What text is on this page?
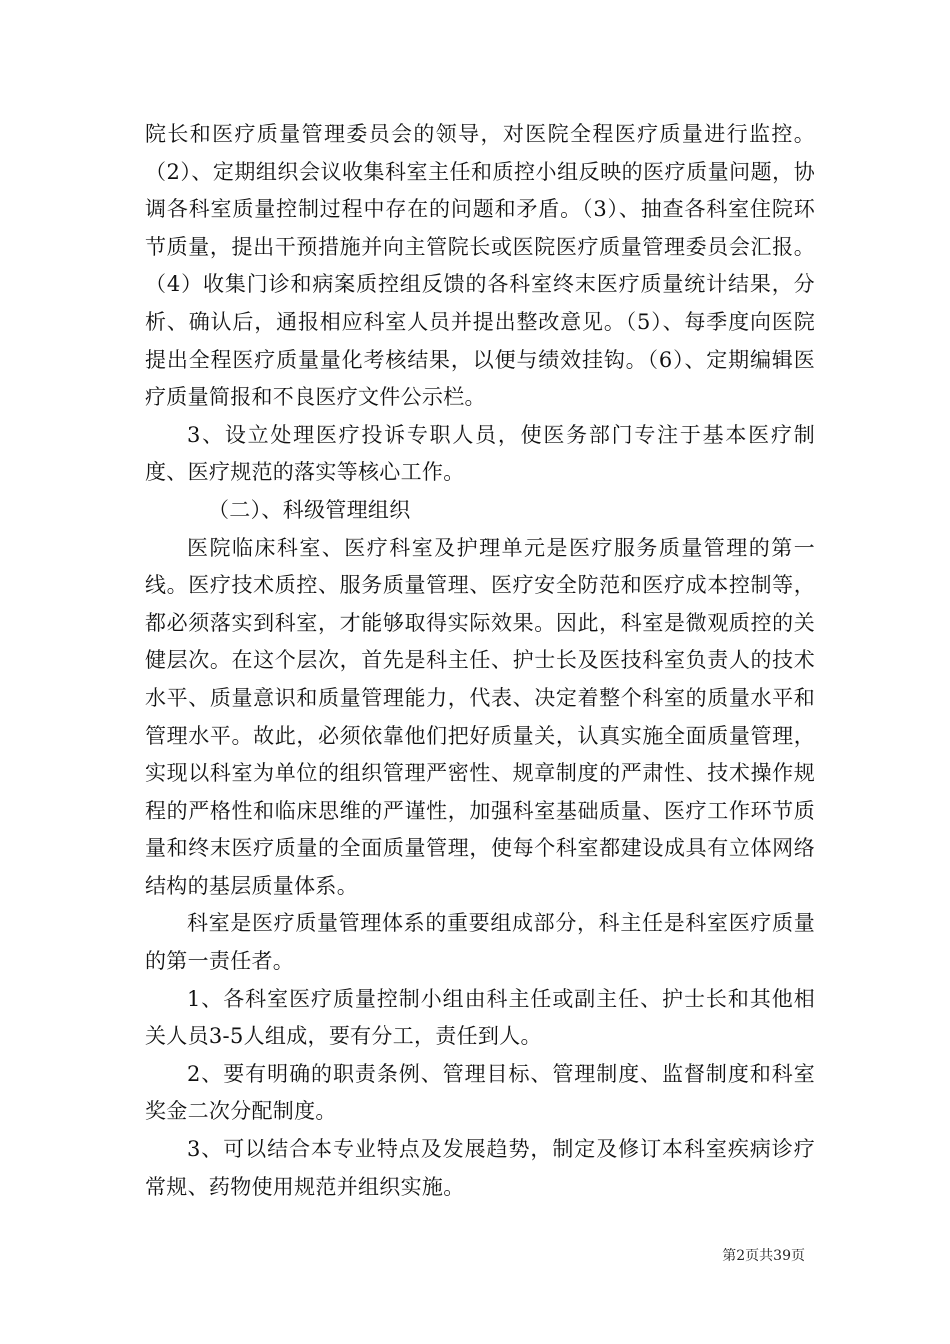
院长和医疗质量管理委员会的领导，对医院全程医疗质量进行监控。（2）、定期组织会议收集科室主任和质控小组反映的医疗质量问题，协调各科室质量控制过程中存在的问题和矛盾。（3）、抽查各科室住院环节质量，提出干预措施并向主管院长或医院医疗质量管理委员会汇报。（4）收集门诊和病案质控组反馈的各科室终末医疗质量统计结果，分析、确认后，通报相应科室人员并提出整改意见。（5）、每季度向医院提出全程医疗质量量化考核结果，以便与绩效挂钩。（6）、定期编辑医疗质量简报和不良医疗文件公示栏。

3、设立处理医疗投诉专职人员，使医务部门专注于基本医疗制度、医疗规范的落实等核心工作。

（二）、科级管理组织

医院临床科室、医疗科室及护理单元是医疗服务质量管理的第一线。医疗技术质控、服务质量管理、医疗安全防范和医疗成本控制等，都必须落实到科室，才能够取得实际效果。因此，科室是微观质控的关健层次。在这个层次，首先是科主任、护士长及医技科室负责人的技术水平、质量意识和质量管理能力，代表、决定着整个科室的质量水平和管理水平。故此，必须依靠他们把好质量关，认真实施全面质量管理，实现以科室为单位的组织管理严密性、规章制度的严肃性、技术操作规程的严格性和临床思维的严谨性，加强科室基础质量、医疗工作环节质量和终末医疗质量的全面质量管理，使每个科室都建设成具有立体网络结构的基层质量体系。

科室是医疗质量管理体系的重要组成部分，科主任是科室医疗质量的第一责任者。

1、各科室医疗质量控制小组由科主任或副主任、护士长和其他相关人员3-5人组成，要有分工，责任到人。

2、要有明确的职责条例、管理目标、管理制度、监督制度和科室奖金二次分配制度。

3、可以结合本专业特点及发展趋势，制定及修订本科室疾病诊疗常规、药物使用规范并组织实施。

第2页共39页
